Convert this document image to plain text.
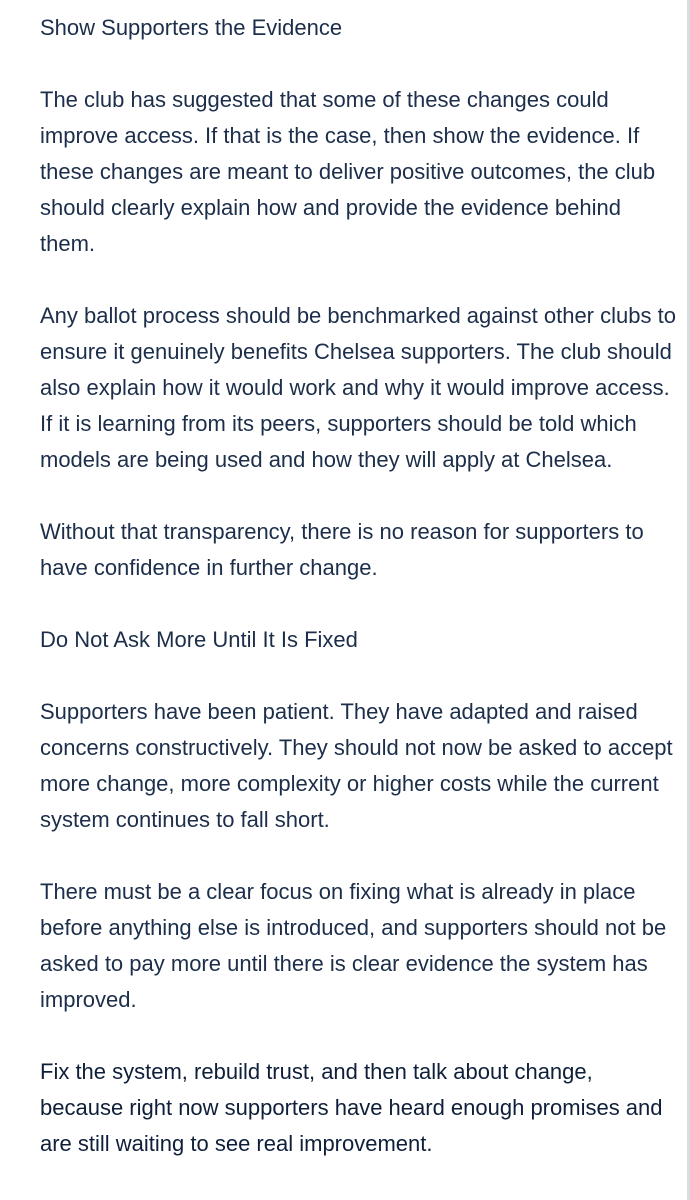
Show Supporters the Evidence
The club has suggested that some of these changes could improve access. If that is the case, then show the evidence. If these changes are meant to deliver positive outcomes, the club should clearly explain how and provide the evidence behind them.
Any ballot process should be benchmarked against other clubs to ensure it genuinely benefits Chelsea supporters. The club should also explain how it would work and why it would improve access. If it is learning from its peers, supporters should be told which models are being used and how they will apply at Chelsea.
Without that transparency, there is no reason for supporters to have confidence in further change.
Do Not Ask More Until It Is Fixed
Supporters have been patient. They have adapted and raised concerns constructively. They should not now be asked to accept more change, more complexity or higher costs while the current system continues to fall short.
There must be a clear focus on fixing what is already in place before anything else is introduced, and supporters should not be asked to pay more until there is clear evidence the system has improved.
Fix the system, rebuild trust, and then talk about change, because right now supporters have heard enough promises and are still waiting to see real improvement.
